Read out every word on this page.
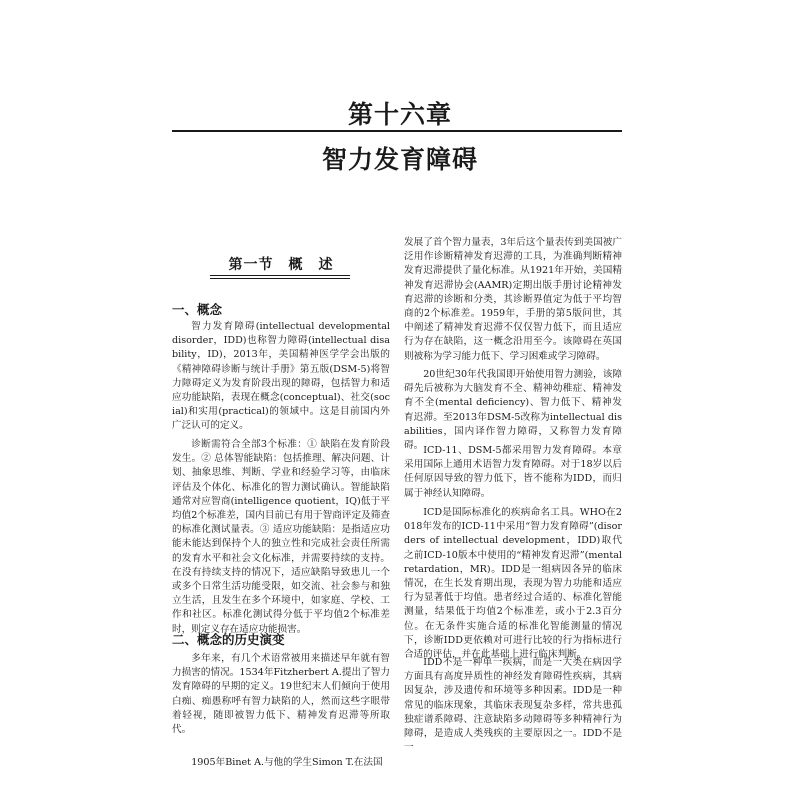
第十六章
智力发育障碍
第一节　概　述
一、概念
智力发育障碍(intellectual developmental disorder，IDD)也称智力障碍(intellectual disability，ID)，2013年，美国精神医学学会出版的《精神障碍诊断与统计手册》第五版(DSM-5)将智力障碍定义为发育阶段出现的障碍，包括智力和适应功能缺陷，表现在概念(conceptual)、社交(social)和实用(practical)的领域中。这是目前国内外广泛认可的定义。
诊断需符合全部3个标准：① 缺陷在发育阶段发生。② 总体智能缺陷：包括推理、解决问题、计划、抽象思维、判断、学业和经验学习等，由临床评估及个体化、标准化的智力测试确认。智能缺陷通常对应智商(intelligence quotient，IQ)低于平均值2个标准差，国内目前已有用于智商评定及筛查的标准化测试量表。③ 适应功能缺陷：是指适应功能未能达到保持个人的独立性和完成社会责任所需的发育水平和社会文化标准，并需要持续的支持。在没有持续支持的情况下，适应缺陷导致患儿一个或多个日常生活功能受限，如交流、社会参与和独立生活，且发生在多个环境中，如家庭、学校、工作和社区。标准化测试得分低于平均值2个标准差时，则定义存在适应功能损害。
二、概念的历史演变
多年来，有几个术语常被用来描述早年就有智力损害的情况。1534年Fitzherbert A.提出了智力发育障碍的早期的定义。19世纪末人们倾向于使用白痴、痴愚称呼有智力缺陷的人，然而这些字眼带着轻视，随即被智力低下、精神发育迟滞等所取代。
1905年Binet A.与他的学生Simon T.在法国
发展了首个智力量表，3年后这个量表传到美国被广泛用作诊断精神发育迟滞的工具，为准确判断精神发育迟滞提供了量化标准。从1921年开始，美国精神发育迟滞协会(AAMR)定期出版手册讨论精神发育迟滞的诊断和分类，其诊断界值定为低于平均智商的2个标准差。1959年，手册的第5版问世，其中阐述了精神发育迟滞不仅仅智力低下，而且适应行为存在缺陷，这一概念沿用至今。该障碍在英国则被称为学习能力低下、学习困难或学习障碍。
20世纪30年代我国即开始使用智力测验，该障碍先后被称为大脑发育不全、精神幼稚症、精神发育不全(mental deficiency)、智力低下、精神发育迟滞。至2013年DSM-5改称为intellectual disabilities，国内译作智力障碍，又称智力发育障碍。 ICD-11、DSM-5都采用智力发育障碍。本章采用国际上通用术语智力发育障碍。对于18岁以后任何原因导致的智力低下，皆不能称为IDD，而归属于神经认知障碍。
ICD是国际标准化的疾病命名工具。WHO在2018年发布的ICD-11中采用“智力发育障碍”(disorders of intellectual development，IDD)取代之前ICD-10版本中使用的“精神发育迟滞”(mental retardation，MR)。IDD是一组病因各异的临床情况，在生长发育期出现，表现为智力功能和适应行为显著低于均值。患者经过合适的、标准化智能测量，结果低于均值2个标准差，或小于2.3百分位。在无条件实施合适的标准化智能测量的情况下，诊断IDD更依赖对可进行比较的行为指标进行合适的评估，并在此基础上进行临床判断。
IDD不是一种单一疾病，而是一大类在病因学方面具有高度异质性的神经发育障碍性疾病，其病因复杂，涉及遗传和环境等多种因素。IDD是一种常见的临床现象，其临床表现复杂多样，常共患孤独症谱系障碍、注意缺陷多动障碍等多种精神行为障碍，是造成人类残疾的主要原因之一。IDD不是一
